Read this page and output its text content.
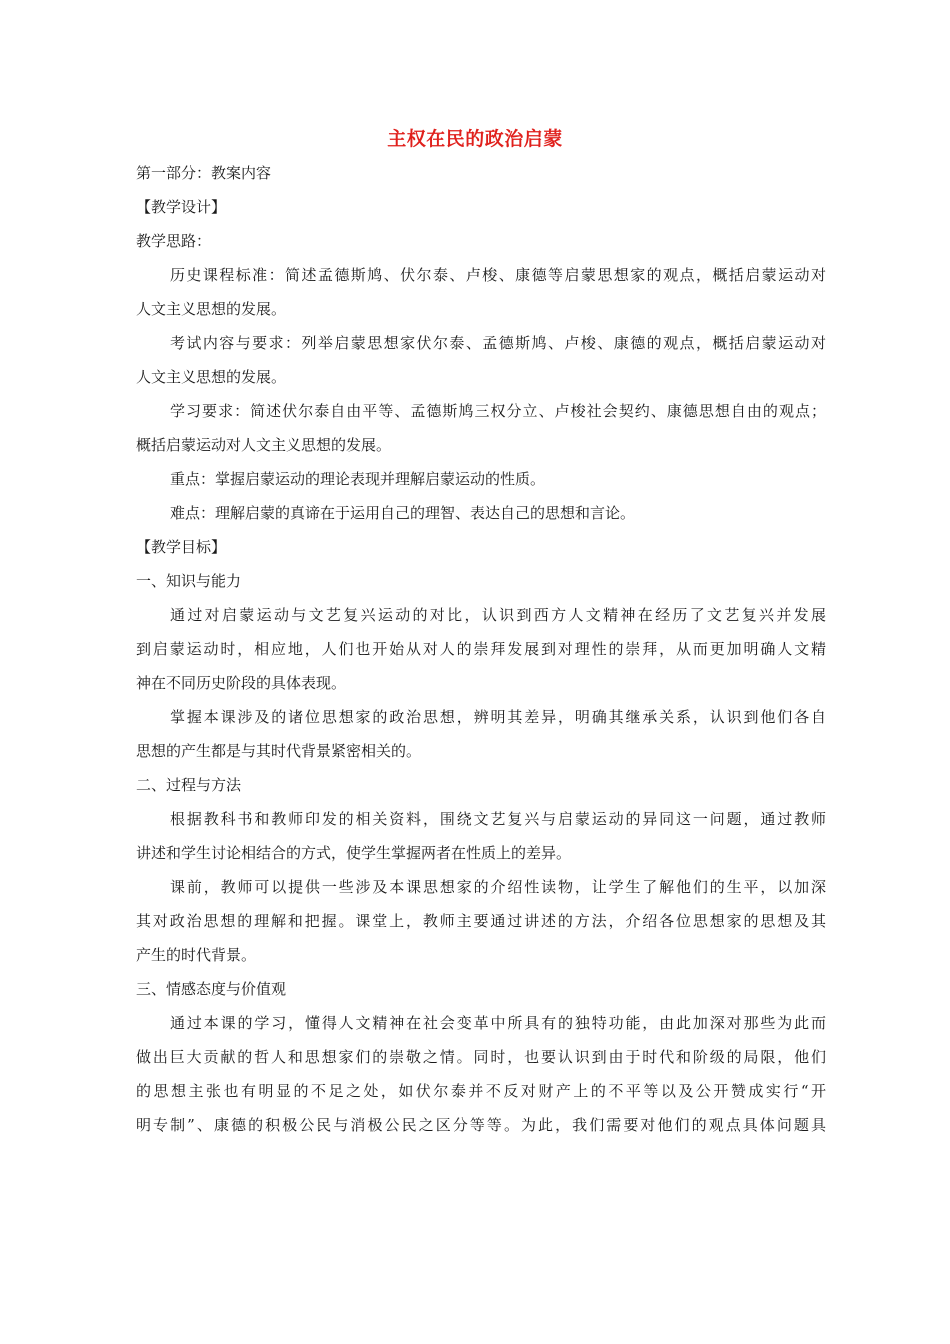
主权在民的政治启蒙
第一部分：教案内容
【教学设计】
教学思路：
历史课程标准：简述孟德斯鸠、伏尔泰、卢梭、康德等启蒙思想家的观点，概括启蒙运动对
人文主义思想的发展。
考试内容与要求：列举启蒙思想家伏尔泰、孟德斯鸠、卢梭、康德的观点，概括启蒙运动对
人文主义思想的发展。
学习要求：简述伏尔泰自由平等、孟德斯鸠三权分立、卢梭社会契约、康德思想自由的观点；
概括启蒙运动对人文主义思想的发展。
重点：掌握启蒙运动的理论表现并理解启蒙运动的性质。
难点：理解启蒙的真谛在于运用自己的理智、表达自己的思想和言论。
【教学目标】
一、知识与能力
通过对启蒙运动与文艺复兴运动的对比，认识到西方人文精神在经历了文艺复兴并发展
到启蒙运动时，相应地，人们也开始从对人的崇拜发展到对理性的崇拜，从而更加明确人文精
神在不同历史阶段的具体表现。
掌握本课涉及的诸位思想家的政治思想，辨明其差异，明确其继承关系，认识到他们各自
思想的产生都是与其时代背景紧密相关的。
二、过程与方法
根据教科书和教师印发的相关资料，围绕文艺复兴与启蒙运动的异同这一问题，通过教师
讲述和学生讨论相结合的方式，使学生掌握两者在性质上的差异。
课前，教师可以提供一些涉及本课思想家的介绍性读物，让学生了解他们的生平，以加深
其对政治思想的理解和把握。课堂上，教师主要通过讲述的方法，介绍各位思想家的思想及其
产生的时代背景。
三、情感态度与价值观
通过本课的学习，懂得人文精神在社会变革中所具有的独特功能，由此加深对那些为此而
做出巨大贡献的哲人和思想家们的崇敬之情。同时，也要认识到由于时代和阶级的局限，他们
的思想主张也有明显的不足之处，如伏尔泰并不反对财产上的不平等以及公开赞成实行“开
明专制”、康德的积极公民与消极公民之区分等等。为此，我们需要对他们的观点具体问题具
